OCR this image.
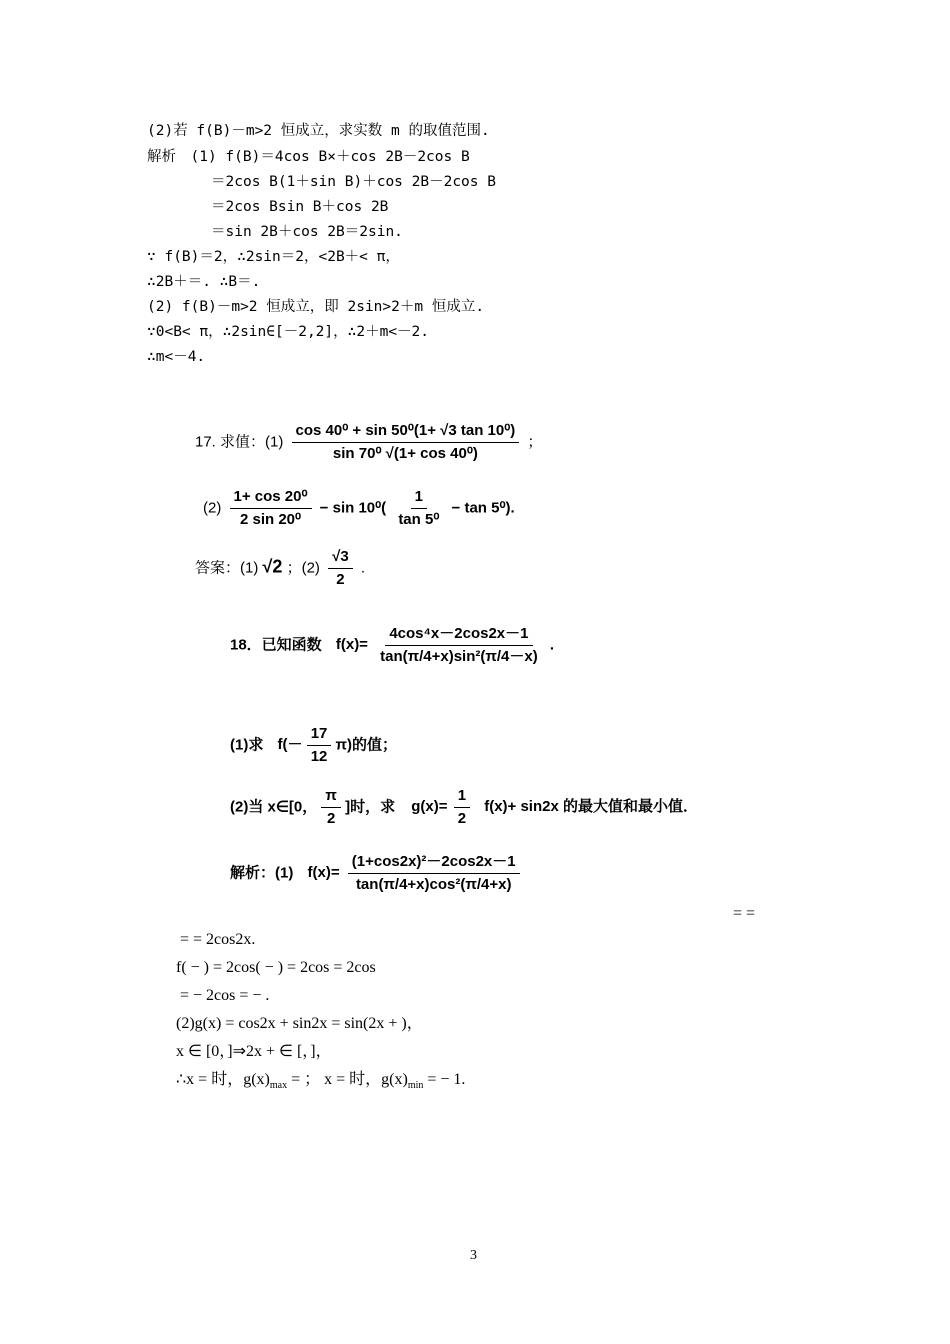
(2)若 f(B)－m>2 恒成立，求实数 m 的取值范围.
解析　(1) f(B)＝4cos B×＋cos 2B－2cos B
＝2cos B(1＋sin B)＋cos 2B－2cos B
＝2cos Bsin B＋cos 2B
＝sin 2B＋cos 2B＝2sin.
∵ f(B)＝2，∴2sin＝2，<2B＋< π，
∴2B＋＝. ∴B＝.
(2) f(B)－m>2 恒成立，即 2sin>2＋m 恒成立.
∵0<B< π，∴2sin∈[－2,2]，∴2＋m<－2.
∴m<－4.
17. 求值：$(1) \frac{\text{cos 40⁰ + sin 50⁰(1+ √3 tan 10⁰)}}{\text{sin 70⁰ √(1+ cos 40⁰)}}$ ；
$(2) \frac{\text{1+ cos 20⁰}}{\text{2 sin 20⁰}} - \sin 10^0( \frac{1}{\text{tan 5⁰}} - \tan 5^0)$.
答案：(1) √2 ；$(2) \frac{√3}{2}$ .
18．已知函数 $f(x)= \frac{\text{4cos⁴x－2cos2x－1}}{\text{tan(π/4+x)sin²(π/4－x)}}$ .
(1)求 $f(- \frac{17}{12} \pi)$的值；
(2)当 x∈[0， $\frac{\pi}{2}$ ]时，求 $g(x)= \frac{1}{2} f(x)+ \sin 2x$ 的最大值和最小值．
解析：(1) $f(x)= \frac{\text{(1+cos2x)²－2cos2x－1}}{\text{tan(π/4+x)cos²(π/4+x)}}$
= =
= = 2cos2x.
f( − ) = 2cos( − ) = 2cos = 2cos
= − 2cos = − .
(2)g(x) = cos2x + sin2x = sin(2x + )，
x ∈ [0，]⇒2x + ∈ [，]，
∴x = 时，$g(x)_{max}$ = ； x = 时，$g(x)_{min}$ = − 1.
3
